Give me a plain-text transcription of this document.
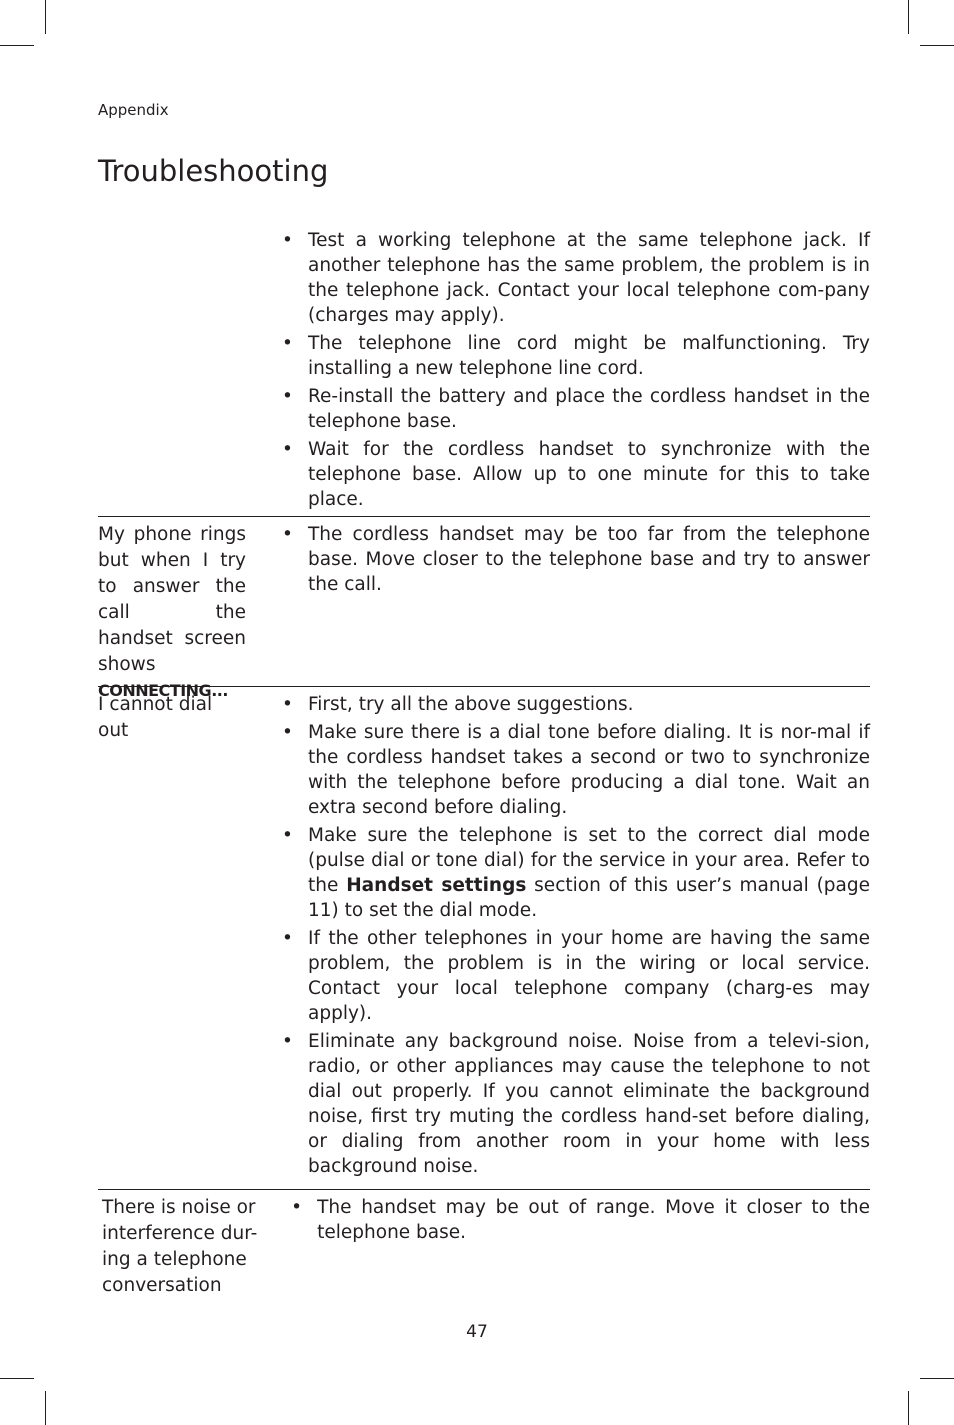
Appendix
Troubleshooting
• Test a working telephone at the same telephone jack. If another telephone has the same problem, the problem is in the telephone jack. Contact your local telephone com-pany (charges may apply).
• The telephone line cord might be malfunctioning. Try installing a new telephone line cord.
• Re-install the battery and place the cordless handset in the telephone base.
• Wait for the cordless handset to synchronize with the telephone base. Allow up to one minute for this to take place.
My phone rings but when I try to answer the call the handset screen shows CONNECTING...
• The cordless handset may be too far from the telephone base. Move closer to the telephone base and try to answer the call.
I cannot dial out
• First, try all the above suggestions.
• Make sure there is a dial tone before dialing. It is nor-mal if the cordless handset takes a second or two to synchronize with the telephone before producing a dial tone. Wait an extra second before dialing.
• Make sure the telephone is set to the correct dial mode (pulse dial or tone dial) for the service in your area. Refer to the Handset settings section of this user’s manual (page 11) to set the dial mode.
• If the other telephones in your home are having the same problem, the problem is in the wiring or local service. Contact your local telephone company (charg-es may apply).
• Eliminate any background noise. Noise from a televi-sion, radio, or other appliances may cause the telephone to not dial out properly. If you cannot eliminate the background noise, first try muting the cordless hand-set before dialing, or dialing from another room in your home with less background noise.
There is noise or interference dur-ing a telephone conversation
• The handset may be out of range. Move it closer to the telephone base.
47
